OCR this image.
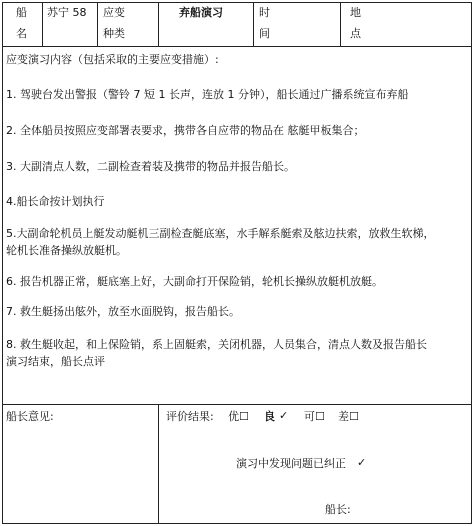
船
名
苏宁 58 应变
种类
弃船演习	时
间
地
点
应变演习内容（包括采取的主要应变措施）:
1. 驾驶台发出警报（警铃 7 短 1 长声，连放 1 分钟），船长通过广播系统宣布弃船
2. 全体船员按照应变部署表要求，携带各自应带的物品在 舷艇甲板集合；
3. 大副清点人数，二副检查着装及携带的物品并报告船长。
4.船长命按计划执行
5.大副命轮机员上艇发动艇机三副检查艇底塞，水手解系艇索及舷边扶索，放救生软梯，
轮机长准备操纵放艇机。
6. 报告机器正常，艇底塞上好，大副命打开保险销，轮机长操纵放艇机放艇。
7. 救生艇扬出舷外，放至水面脱钩，报告船长。
8. 救生艇收起，和上保险销，系上固艇索，关闭机器，人员集合，清点人数及报告船长
演习结束，船长点评
船长意见:	评价结果: 优☐ 良 ✓ 可☐ 差☐
演习中发现问题已纠正 ✓
船长:
